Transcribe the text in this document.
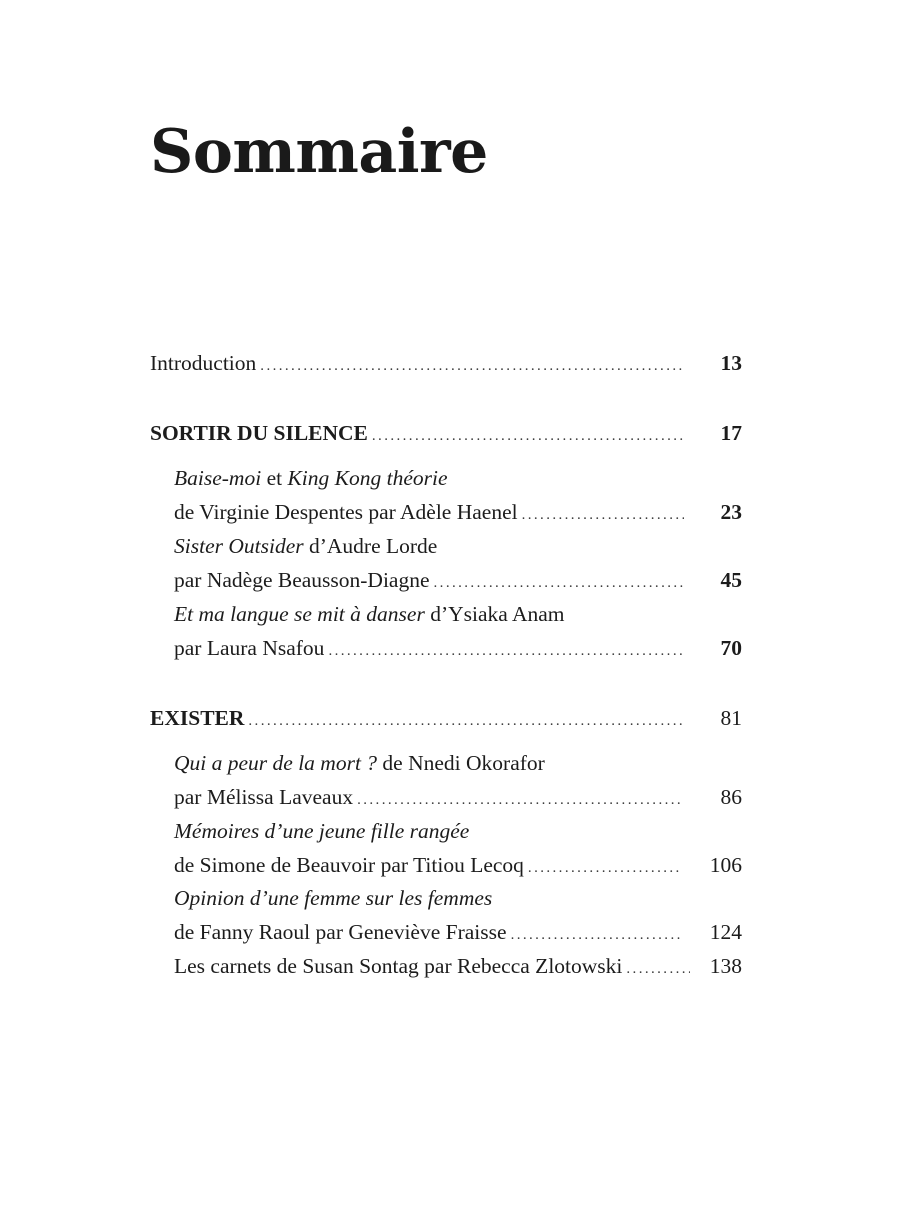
Sommaire
Introduction .....	13
SORTIR DU SILENCE .....	17
Baise-moi et King Kong théorie
de Virginie Despentes par Adèle Haenel .....	23
Sister Outsider d’Audre Lorde
par Nadège Beausson-Diagne .....	45
Et ma langue se mit à danser d’Ysiaka Anam
par Laura Nsafou .....	70
EXISTER .....	81
Qui a peur de la mort ? de Nnedi Okorafor
par Mélissa Laveaux .....	86
Mémoires d’une jeune fille rangée
de Simone de Beauvoir par Titiou Lecoq .....	106
Opinion d’une femme sur les femmes
de Fanny Raoul par Geneviève Fraisse .....	124
Les carnets de Susan Sontag par Rebecca Zlotowski .....	138
